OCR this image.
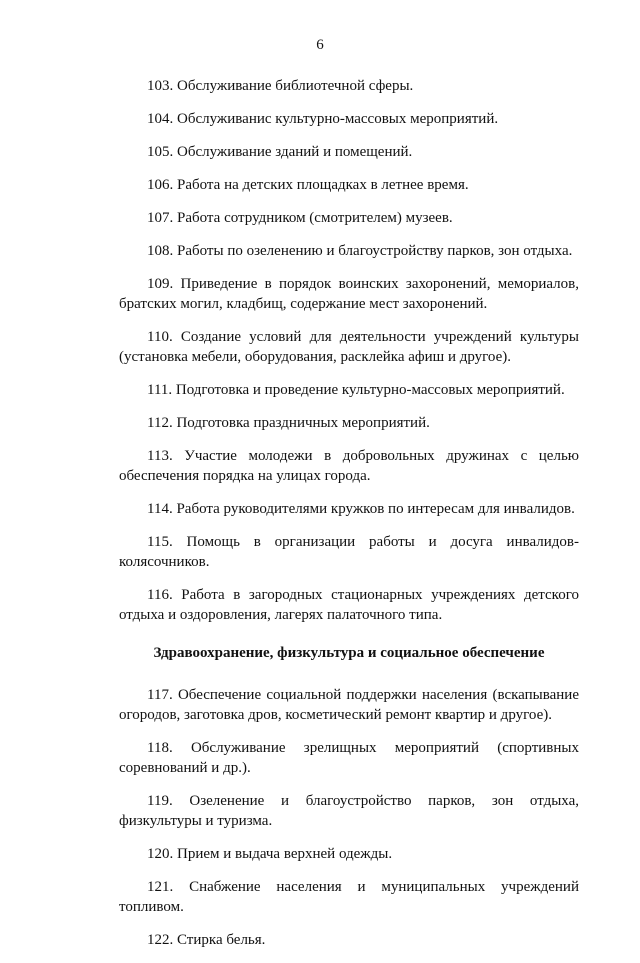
6

103. Обслуживание библиотечной сферы.

104. Обслуживанис культурно-массовых мероприятий.

105. Обслуживание зданий и помещений.

106. Работа на детских площадках в летнее время.

107. Работа сотрудником (смотрителем) музеев.

108. Работы по озеленению и благоустройству парков, зон отдыха.

109. Приведение в порядок воинских захоронений, мемориалов, братских могил, кладбищ, содержание мест захоронений.

110. Создание условий для деятельности учреждений культуры (установка мебели, оборудования, расклейка афиш и другое).

111. Подготовка и проведение культурно-массовых мероприятий.

112. Подготовка праздничных мероприятий.

113. Участие молодежи в добровольных дружинах с целью обеспечения порядка на улицах города.

114. Работа руководителями кружков по интересам для инвалидов.

115. Помощь в организации работы и досуга инвалидов-колясочников.

116. Работа в загородных стационарных учреждениях детского отдыха и оздоровления, лагерях палаточного типа.

Здравоохранение, физкультура и социальное обеспечение

117. Обеспечение социальной поддержки населения (вскапывание огородов, заготовка дров, косметический ремонт квартир и другое).

118. Обслуживание зрелищных мероприятий (спортивных соревнований и др.).

119. Озеленение и благоустройство парков, зон отдыха, физкультуры и туризма.

120. Прием и выдача верхней одежды.

121. Снабжение населения и муниципальных учреждений топливом.

122. Стирка белья.
